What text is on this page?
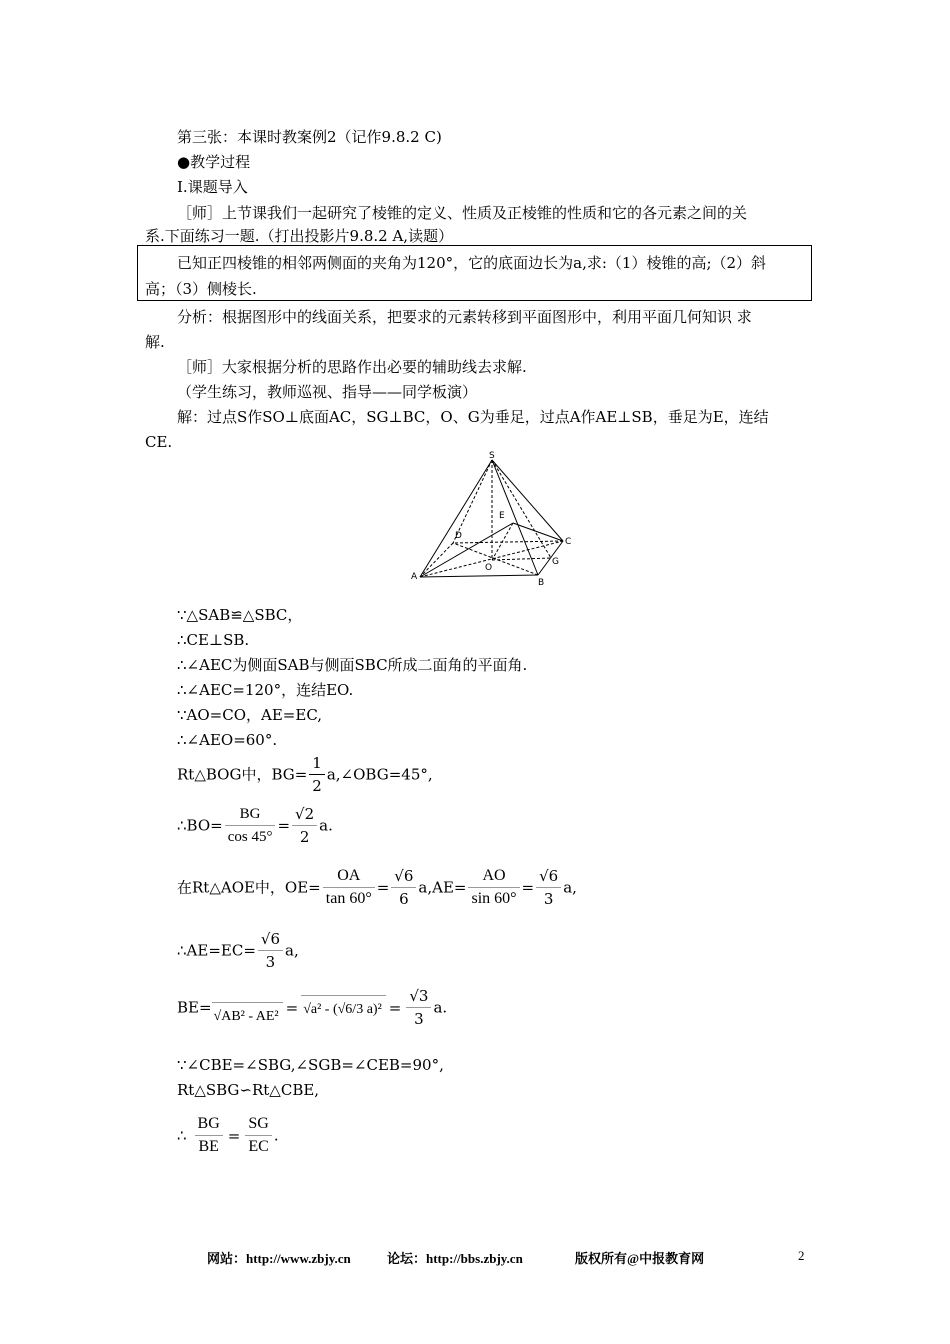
第三张：本课时教案例2（记作9.8.2 C)
●教学过程
Ⅰ.课题导入
［师］上节课我们一起研究了棱锥的定义、性质及正棱锥的性质和它的各元素之间的关
系.下面练习一题.（打出投影片9.8.2 A,读题）
已知正四棱锥的相邻两侧面的夹角为120°，它的底面边长为a,求:（1）棱锥的高;（2）斜
高；（3）侧棱长.
分析：根据图形中的线面关系，把要求的元素转移到平面图形中，利用平面几何知识 求
解.
［师］大家根据分析的思路作出必要的辅助线去求解.
（学生练习，教师巡视、指导——同学板演）
解：过点S作SO⊥底面AC，SG⊥BC，O、G为垂足，过点A作AE⊥SB，垂足为E，连结
CE.
S
E
D
C
O
G
A
B
∵△SAB≌△SBC，
∴CE⊥SB.
∴∠AEC为侧面SAB与侧面SBC所成二面角的平面角.
∴∠AEC=120°，连结EO.
∵AO=CO，AE=EC,
∴∠AEO=60°.
Rt△BOG中，$BG= \frac{1}{2}$ a,∠OBG=45°,
∴BO= $\frac{BG}{\cos 45^\circ} = \frac{√2}{2} a$.
在Rt△AOE中，$OE= \frac{OA}{\tan 60^\circ} = \frac{√6}{6} a,AE= \frac{AO}{\sin 60^\circ} = \frac{√6}{3} a$,
∴AE=EC= $\frac{√6}{3} a$,
BE= √AB² - AE² = √a² - (√6/3 $a)^2 = \frac{√3}{3} a$.
∵∠CBE=∠SBG,∠SGB=∠CEB=90°,
Rt△SBG∽Rt△CBE,
∴ $\frac{BG}{BE} = \frac{SG}{EC}$ .
网站：http://www.zbjy.cn	论坛：http://bbs.zbjy.cn	版权所有@中报教育网	2
